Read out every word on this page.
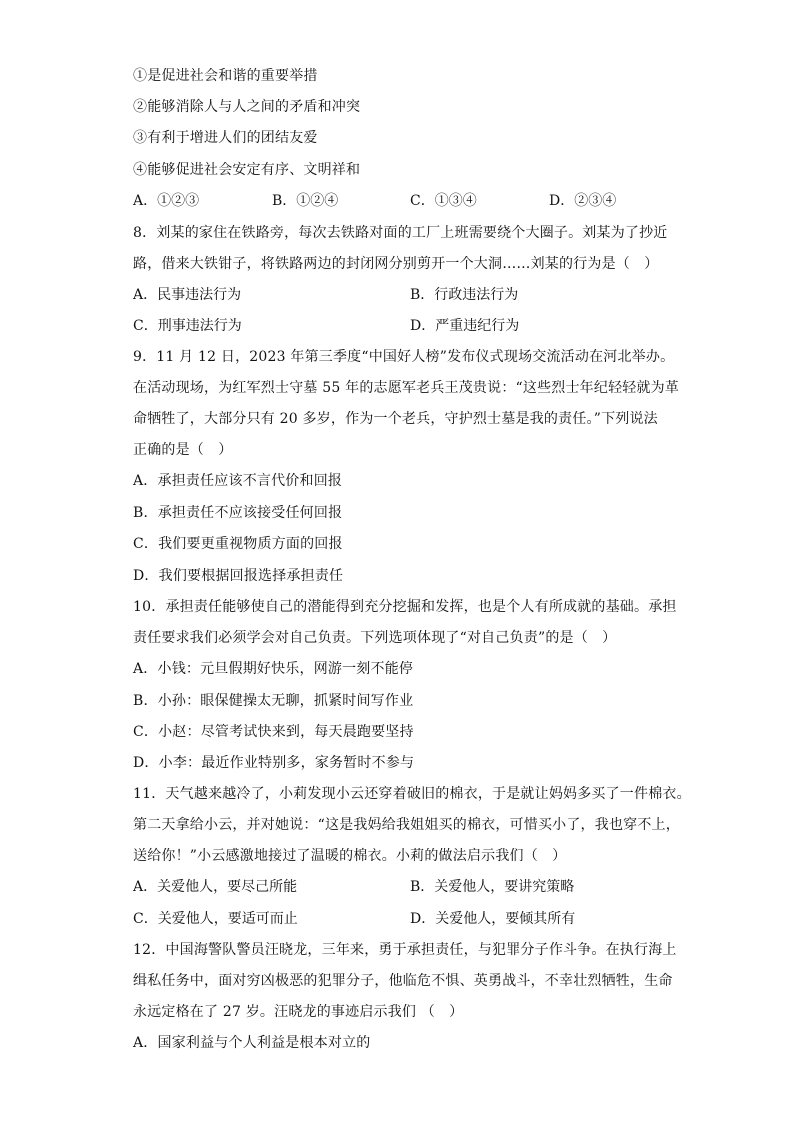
①是促进社会和谐的重要举措
②能够消除人与人之间的矛盾和冲突
③有利于增进人们的团结友爱
④能够促进社会安定有序、文明祥和
A．①②③	B．①②④	C．①③④	D．②③④
8．刘某的家住在铁路旁，每次去铁路对面的工厂上班需要绕个大圈子。刘某为了抄近
路，借来大铁钳子，将铁路两边的封闭网分别剪开一个大洞……刘某的行为是（　）
A．民事违法行为	B．行政违法行为
C．刑事违法行为	D．严重违纪行为
9．11 月 12 日，2023 年第三季度“中国好人榜”发布仪式现场交流活动在河北举办。
在活动现场，为红军烈士守墓 55 年的志愿军老兵王茂贵说：“这些烈士年纪轻轻就为革
命牺牲了，大部分只有 20 多岁，作为一个老兵，守护烈士墓是我的责任。”下列说法
正确的是（　）
A．承担责任应该不言代价和回报
B．承担责任不应该接受任何回报
C．我们要更重视物质方面的回报
D．我们要根据回报选择承担责任
10．承担责任能够使自己的潜能得到充分挖掘和发挥，也是个人有所成就的基础。承担
责任要求我们必须学会对自己负责。下列选项体现了“对自己负责”的是（　）
A．小钱：元旦假期好快乐，网游一刻不能停
B．小孙：眼保健操太无聊，抓紧时间写作业
C．小赵：尽管考试快来到，每天晨跑要坚持
D．小李：最近作业特别多，家务暂时不参与
11．天气越来越冷了，小莉发现小云还穿着破旧的棉衣，于是就让妈妈多买了一件棉衣。
第二天拿给小云，并对她说：“这是我妈给我姐姐买的棉衣，可惜买小了，我也穿不上，
送给你！”小云感激地接过了温暖的棉衣。小莉的做法启示我们（　）
A．关爱他人，要尽己所能	B．关爱他人，要讲究策略
C．关爱他人，要适可而止	D．关爱他人，要倾其所有
12．中国海警队警员汪晓龙，三年来，勇于承担责任，与犯罪分子作斗争。在执行海上
缉私任务中，面对穷凶极恶的犯罪分子，他临危不惧、英勇战斗，不幸壮烈牺牲，生命
永远定格在了 27 岁。汪晓龙的事迹启示我们 （　）
A．国家利益与个人利益是根本对立的
